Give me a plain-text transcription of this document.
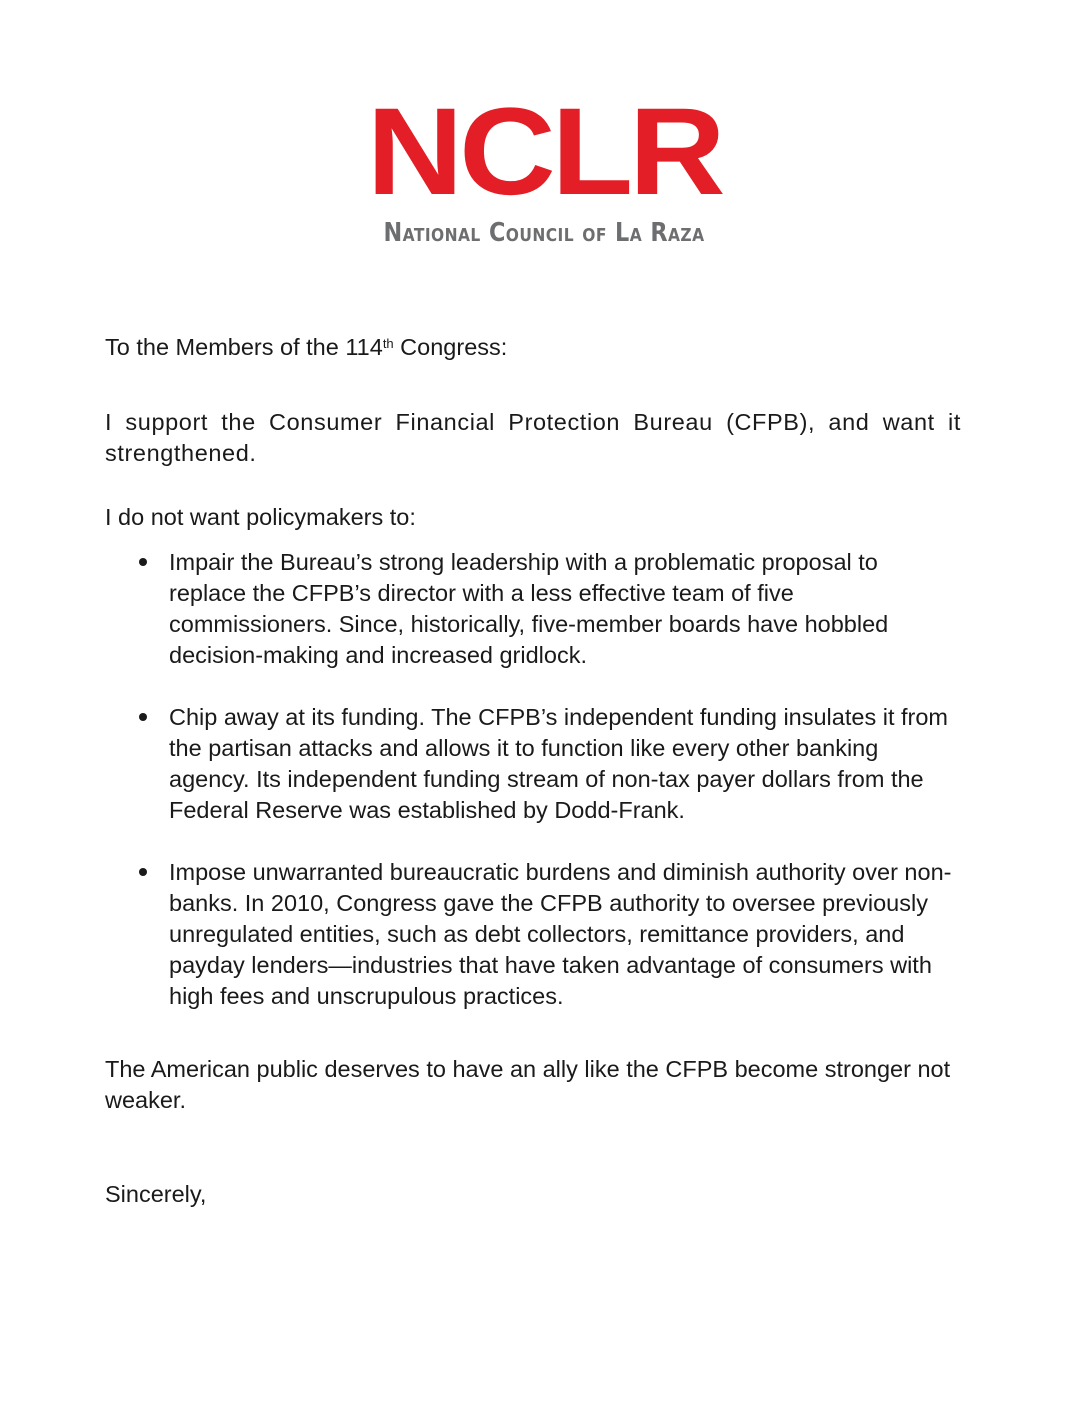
NCLR
National Council of La Raza

To the Members of the 114th Congress:

I support the Consumer Financial Protection Bureau (CFPB), and want it strengthened.

I do not want policymakers to:

Impair the Bureau’s strong leadership with a problematic proposal to replace the CFPB’s director with a less effective team of five commissioners. Since, historically, five-member boards have hobbled decision-making and increased gridlock.
Chip away at its funding. The CFPB’s independent funding insulates it from the partisan attacks and allows it to function like every other banking agency. Its independent funding stream of non-tax payer dollars from the Federal Reserve was established by Dodd-Frank.
Impose unwarranted bureaucratic burdens and diminish authority over non-banks. In 2010, Congress gave the CFPB authority to oversee previously unregulated entities, such as debt collectors, remittance providers, and payday lenders—industries that have taken advantage of consumers with high fees and unscrupulous practices.

The American public deserves to have an ally like the CFPB become stronger not weaker.

Sincerely,
